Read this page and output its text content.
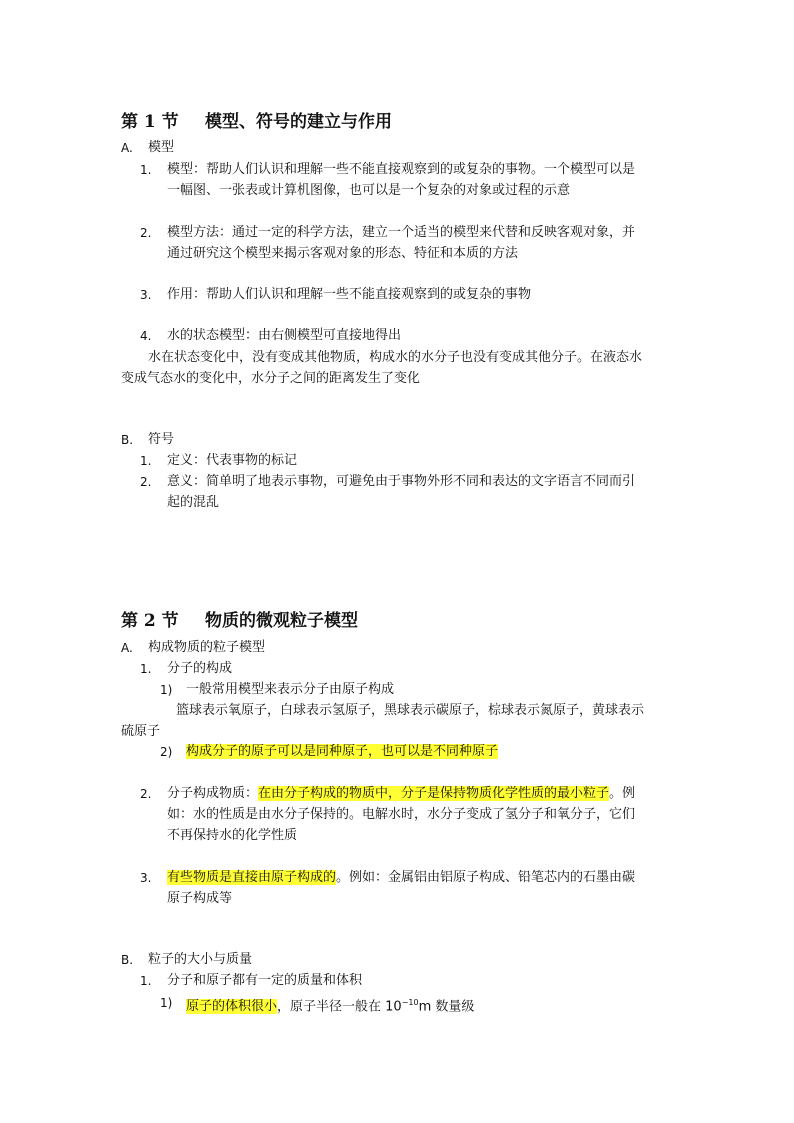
第 1 节 模型、符号的建立与作用
A. 模型
1. 模型：帮助人们认识和理解一些不能直接观察到的或复杂的事物。一个模型可以是
一幅图、一张表或计算机图像，也可以是一个复杂的对象或过程的示意
2. 模型方法：通过一定的科学方法，建立一个适当的模型来代替和反映客观对象，并
通过研究这个模型来揭示客观对象的形态、特征和本质的方法
3. 作用：帮助人们认识和理解一些不能直接观察到的或复杂的事物
4. 水的状态模型：由右侧模型可直接地得出
水在状态变化中，没有变成其他物质，构成水的水分子也没有变成其他分子。在液态水
变成气态水的变化中，水分子之间的距离发生了变化
B. 符号
1. 定义：代表事物的标记
2. 意义：简单明了地表示事物，可避免由于事物外形不同和表达的文字语言不同而引
起的混乱
第 2 节 物质的微观粒子模型
A. 构成物质的粒子模型
1. 分子的构成
1) 一般常用模型来表示分子由原子构成
篮球表示氧原子，白球表示氢原子，黑球表示碳原子，棕球表示氮原子，黄球表示
硫原子
2) 构成分子的原子可以是同种原子，也可以是不同种原子
2. 分子构成物质：在由分子构成的物质中，分子是保持物质化学性质的最小粒子。例
如：水的性质是由水分子保持的。电解水时，水分子变成了氢分子和氧分子，它们
不再保持水的化学性质
3. 有些物质是直接由原子构成的。例如：金属铝由铝原子构成、铅笔芯内的石墨由碳
原子构成等
B. 粒子的大小与质量
1. 分子和原子都有一定的质量和体积
1) 原子的体积很小，原子半径一般在 $10^{-10}m$ 数量级
